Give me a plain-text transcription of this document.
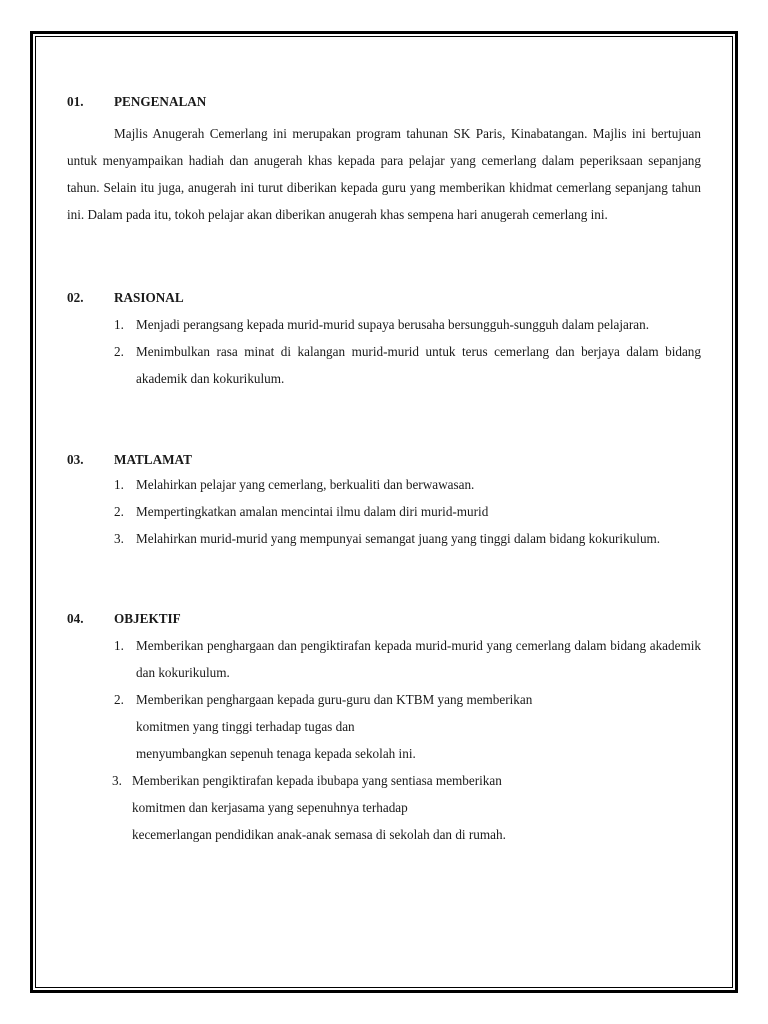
01.	PENGENALAN

Majlis Anugerah Cemerlang ini merupakan program tahunan SK Paris, Kinabatangan. Majlis ini bertujuan untuk menyampaikan hadiah dan anugerah khas kepada para pelajar yang cemerlang dalam peperiksaan sepanjang tahun. Selain itu juga, anugerah ini turut diberikan kepada guru yang memberikan khidmat cemerlang sepanjang tahun ini. Dalam pada itu, tokoh pelajar akan diberikan anugerah khas sempena hari anugerah cemerlang ini.

02.	RASIONAL
1. Menjadi perangsang kepada murid-murid supaya berusaha bersungguh-sungguh dalam pelajaran.
2. Menimbulkan rasa minat di kalangan murid-murid untuk terus cemerlang dan berjaya dalam bidang akademik dan kokurikulum.
03.	MATLAMAT
1. Melahirkan pelajar yang cemerlang, berkualiti dan berwawasan.
2. Mempertingkatkan amalan mencintai ilmu dalam diri murid-murid
3. Melahirkan murid-murid yang mempunyai semangat juang yang tinggi dalam bidang kokurikulum.
04.	OBJEKTIF
1. Memberikan penghargaan dan pengiktirafan kepada murid-murid yang cemerlang dalam bidang akademik dan kokurikulum.
2. Memberikan penghargaan kepada guru-guru dan KTBM yang memberikan
komitmen yang tinggi terhadap tugas dan
menyumbangkan sepenuh tenaga kepada sekolah ini.
3. Memberikan pengiktirafan kepada ibubapa yang sentiasa memberikan
komitmen dan kerjasama yang sepenuhnya terhadap
kecemerlangan pendidikan anak-anak semasa di sekolah dan di rumah.
